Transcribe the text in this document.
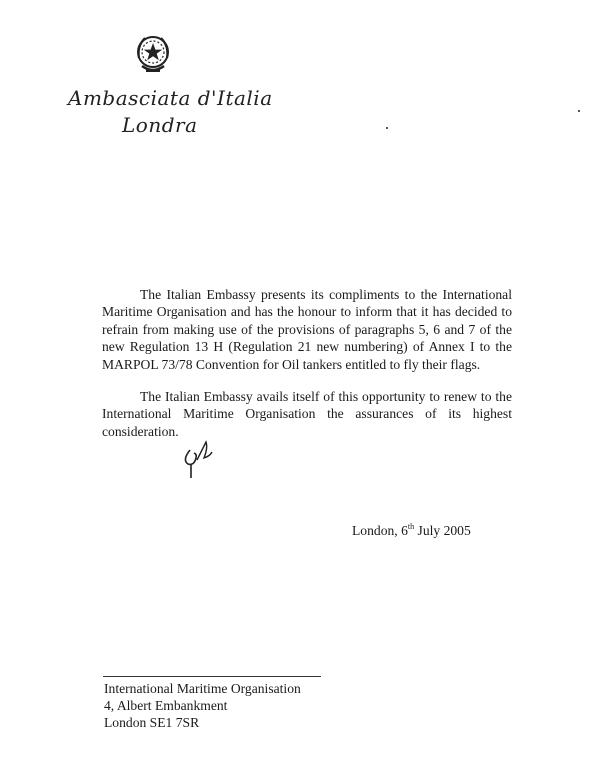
Ambasciata d'Italia
Londra

The Italian Embassy presents its compliments to the International Maritime Organisation and has the honour to inform that it has decided to refrain from making use of the provisions of paragraphs 5, 6 and 7 of the new Regulation 13 H (Regulation 21 new numbering) of Annex I to the MARPOL 73/78 Convention for Oil tankers entitled to fly their flags.

The Italian Embassy avails itself of this opportunity to renew to the International Maritime Organisation the assurances of its highest consideration.

London, 6th July 2005
International Maritime Organisation
4, Albert Embankment
London SE1 7SR
